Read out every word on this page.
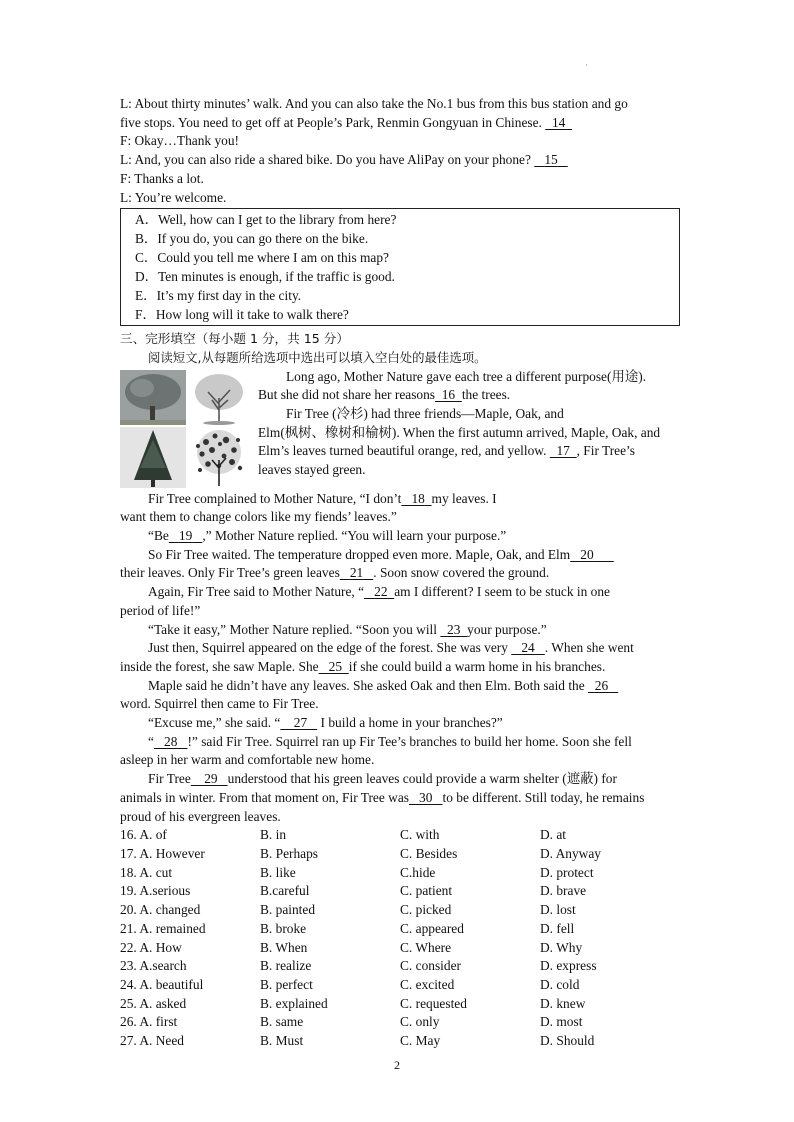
·
L: About thirty minutes’ walk. And you can also take the No.1 bus from this bus station and go
five stops. You need to get off at People’s Park, Renmin Gongyuan in Chinese.   14
F: Okay…Thank you!
L: And, you can also ride a shared bike. Do you have AliPay on your phone?    15
F: Thanks a lot.
L: You’re welcome.
A．Well, how can I get to the library from here?
B．If you do, you can go there on the bike.
C．Could you tell me where I am on this map?
D．Ten minutes is enough, if the traffic is good.
E．It’s my first day in the city.
F．How long will it take to walk there?
三、完形填空（每小题 1 分，共 15 分）
阅读短文,从每题所给选项中选出可以填入空白处的最佳选项。
Long ago, Mother Nature gave each tree a different purpose(用途).
But she did not share her reasons 16 the trees.
Fir Tree (冷杉) had three friends—Maple, Oak, and
Elm(枫树、橡树和榆树). When the first autumn arrived, Maple, Oak, and
Elm’s leaves turned beautiful orange, red, and yellow.   17 , Fir Tree’s
leaves stayed green.
Fir Tree complained to Mother Nature, “I don’t 18 my leaves. I
want them to change colors like my fiends’ leaves.”
“Be 19 ,” Mother Nature replied. “You will learn your purpose.”
So Fir Tree waited. The temperature dropped even more. Maple, Oak, and Elm 20
their leaves. Only Fir Tree’s green leaves 21 . Soon snow covered the ground.
Again, Fir Tree said to Mother Nature, “ 22 am I different? I seem to be stuck in one
period of life!”
“Take it easy,” Mother Nature replied. “Soon you will   23 your purpose.”
Just then, Squirrel appeared on the edge of the forest. She was very    24 . When she went
inside the forest, she saw Maple. She 25 if she could build a warm home in his branches.
Maple said he didn’t have any leaves. She asked Oak and then Elm. Both said the   26
word. Squirrel then came to Fir Tree.
“Excuse me,” she said. “ 27    I build a home in your branches?”
“ 28 !” said Fir Tree. Squirrel ran up Fir Tee’s branches to build her home. Soon she fell
asleep in her warm and comfortable new home.
Fir Tree 29 understood that his green leaves could provide a warm shelter (遮蔽) for
animals in winter. From that moment on, Fir Tree was 30 to be different. Still today, he remains
proud of his evergreen leaves.
16. A. of	B. in	C. with	D. at
17. A. However	B. Perhaps	C. Besides	D. Anyway
18. A. cut	B. like	C.hide	D. protect
19. A.serious	B.careful	C. patient	D. brave
20. A. changed	B. painted	C. picked	D. lost
21. A. remained	B. broke	C. appeared	D. fell
22. A. How	B. When	C. Where	D. Why
23. A.search	B. realize	C. consider	D. express
24. A. beautiful	B. perfect	C. excited	D. cold
25. A. asked	B. explained	C. requested	D. knew
26. A. first	B. same	C. only	D. most
27. A. Need	B. Must	C. May	D. Should
2
